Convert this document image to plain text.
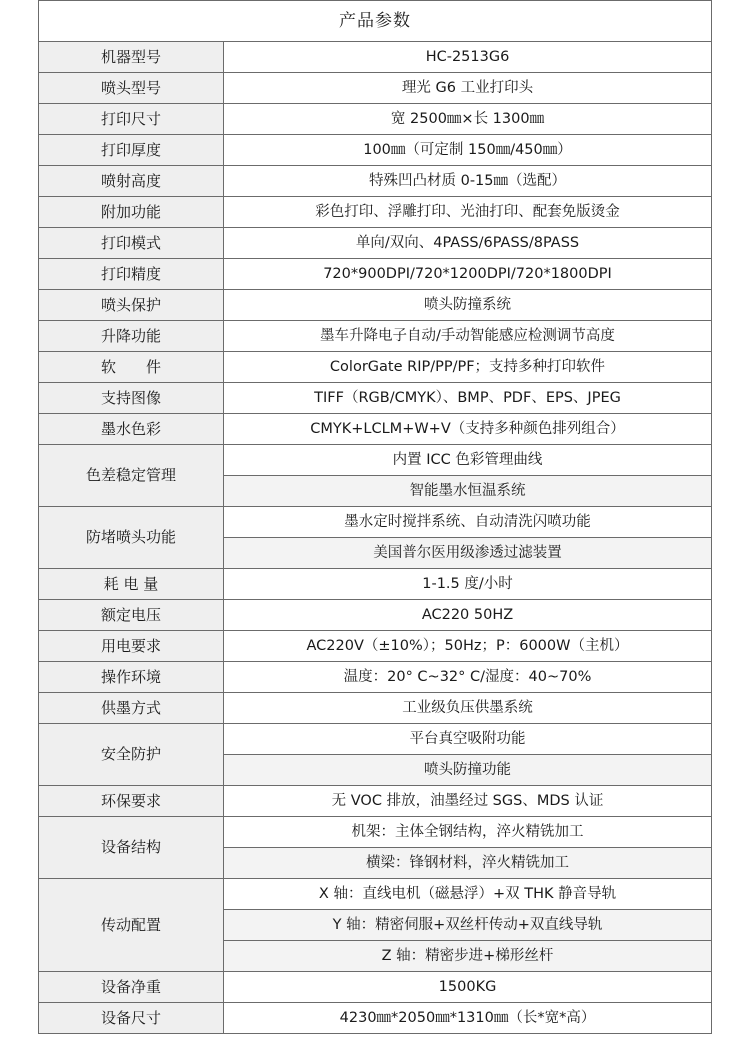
产品参数	
机器型号	HC-2513G6
喷头型号	理光 G6 工业打印头
打印尺寸	宽 2500㎜×长 1300㎜
打印厚度	100㎜（可定制 150㎜/450㎜）
喷射高度	特殊凹凸材质 0-15㎜（选配）
附加功能	彩色打印、浮雕打印、光油打印、配套免版烫金
打印模式	单向/双向、4PASS/6PASS/8PASS
打印精度	720*900DPI/720*1200DPI/720*1800DPI
喷头保护	喷头防撞系统
升降功能	墨车升降电子自动/手动智能感应检测调节高度
软　　件	ColorGate RIP/PP/PF；支持多种打印软件
支持图像	TIFF（RGB/CMYK）、BMP、PDF、EPS、JPEG
墨水色彩	CMYK+LCLM+W+V（支持多种颜色排列组合）
色差稳定管理	内置 ICC 色彩管理曲线
	智能墨水恒温系统
防堵喷头功能	墨水定时搅拌系统、自动清洗闪喷功能
	美国普尔医用级渗透过滤装置
耗 电 量	1-1.5 度/小时
额定电压	AC220 50HZ
用电要求	AC220V（±10%）；50Hz；P：6000W（主机）
操作环境	温度：20° C~32° C/湿度：40~70%
供墨方式	工业级负压供墨系统
安全防护	平台真空吸附功能
	喷头防撞功能
环保要求	无 VOC 排放，油墨经过 SGS、MDS 认证
设备结构	机架：主体全钢结构，淬火精铣加工
	横梁：锋钢材料，淬火精铣加工
传动配置	X 轴：直线电机（磁悬浮）+双 THK 静音导轨
	Y 轴：精密伺服+双丝杆传动+双直线导轨
	Z 轴：精密步进+梯形丝杆
设备净重	1500KG
设备尺寸	4230㎜*2050㎜*1310㎜（长*宽*高）
